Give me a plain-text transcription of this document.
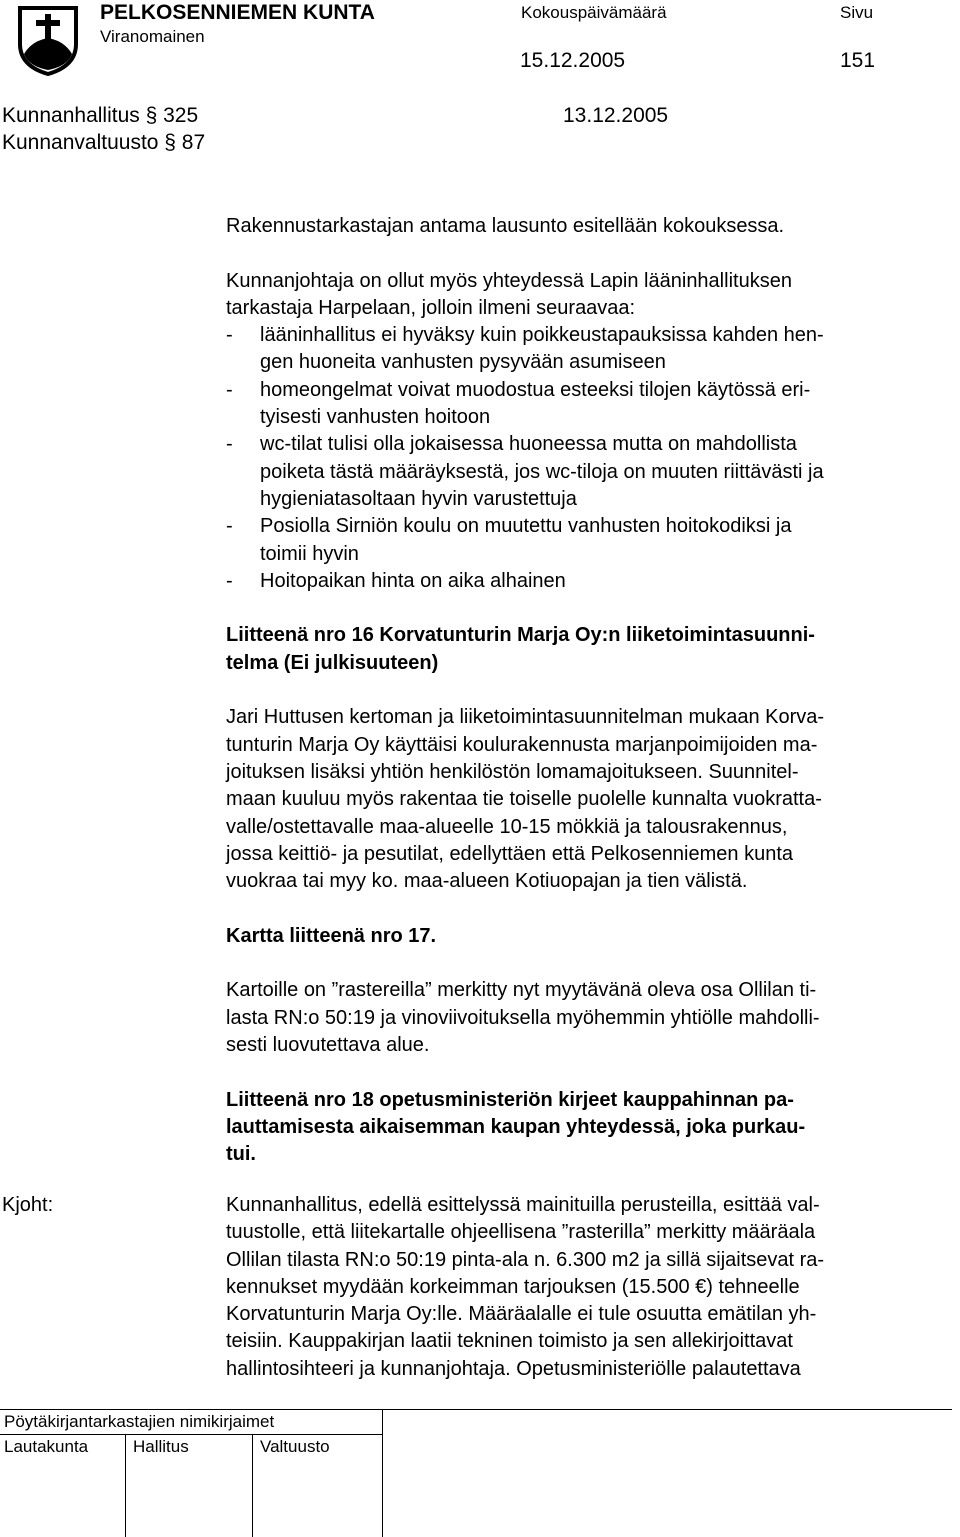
PELKOSENNIEMEN KUNTA
Viranomainen
Kokouspäivämäärä	Sivu
15.12.2005	151
Kunnanhallitus § 325	13.12.2005
Kunnanvaltuusto § 87

Rakennustarkastajan antama lausunto esitellään kokouksessa.

Kunnanjohtaja on ollut myös yhteydessä Lapin lääninhallituksen

tarkastaja Harpelaan, jolloin ilmeni seuraavaa:

- lääninhallitus ei hyväksy kuin poikkeustapauksissa kahden hen-
gen huoneita vanhusten pysyvään asumiseen
- homeongelmat voivat muodostua esteeksi tilojen käytössä eri-
tyisesti vanhusten hoitoon
- wc-tilat tulisi olla jokaisessa huoneessa mutta on mahdollista
poiketa tästä määräyksestä, jos wc-tiloja on muuten riittävästi ja
hygieniatasoltaan hyvin varustettuja
- Posiolla Sirniön koulu on muutettu vanhusten hoitokodiksi ja
toimii hyvin
- Hoitopaikan hinta on aika alhainen
Liitteenä nro 16 Korvatunturin Marja Oy:n liiketoimintasuunni-
telma (Ei julkisuuteen)
Jari Huttusen kertoman ja liiketoimintasuunnitelman mukaan Korva-
tunturin Marja Oy käyttäisi koulurakennusta marjanpoimijoiden ma-
joituksen lisäksi yhtiön henkilöstön lomamajoitukseen. Suunnitel-
maan kuuluu myös rakentaa tie toiselle puolelle kunnalta vuokratta-
valle/ostettavalle maa-alueelle 10-15 mökkiä ja talousrakennus,
jossa keittiö- ja pesutilat, edellyttäen että Pelkosenniemen kunta
vuokraa tai myy ko. maa-alueen Kotiuopajan ja tien välistä.
Kartta liitteenä nro 17.
Kartoille on ”rastereilla” merkitty nyt myytävänä oleva osa Ollilan ti-
lasta RN:o 50:19 ja vinoviivoituksella myöhemmin yhtiölle mahdolli-
sesti luovutettava alue.
Liitteenä nro 18 opetusministeriön kirjeet kauppahinnan pa-
lauttamisesta aikaisemman kaupan yhteydessä, joka purkau-
tui.
Kjoht:	Kunnanhallitus, edellä esittelyssä mainituilla perusteilla, esittää val-
tuustolle, että liitekartalle ohjeellisena ”rasterilla” merkitty määräala
Ollilan tilasta RN:o 50:19 pinta-ala n. 6.300 m2 ja sillä sijaitsevat ra-
kennukset myydään korkeimman tarjouksen (15.500 €) tehneelle
Korvatunturin Marja Oy:lle. Määräalalle ei tule osuutta emätilan yh-
teisiin. Kauppakirjan laatii tekninen toimisto ja sen allekirjoittavat
hallintosihteeri ja kunnanjohtaja. Opetusministeriölle palautettava
Pöytäkirjantarkastajien nimikirjaimet
Lautakunta	Hallitus	Valtuusto
